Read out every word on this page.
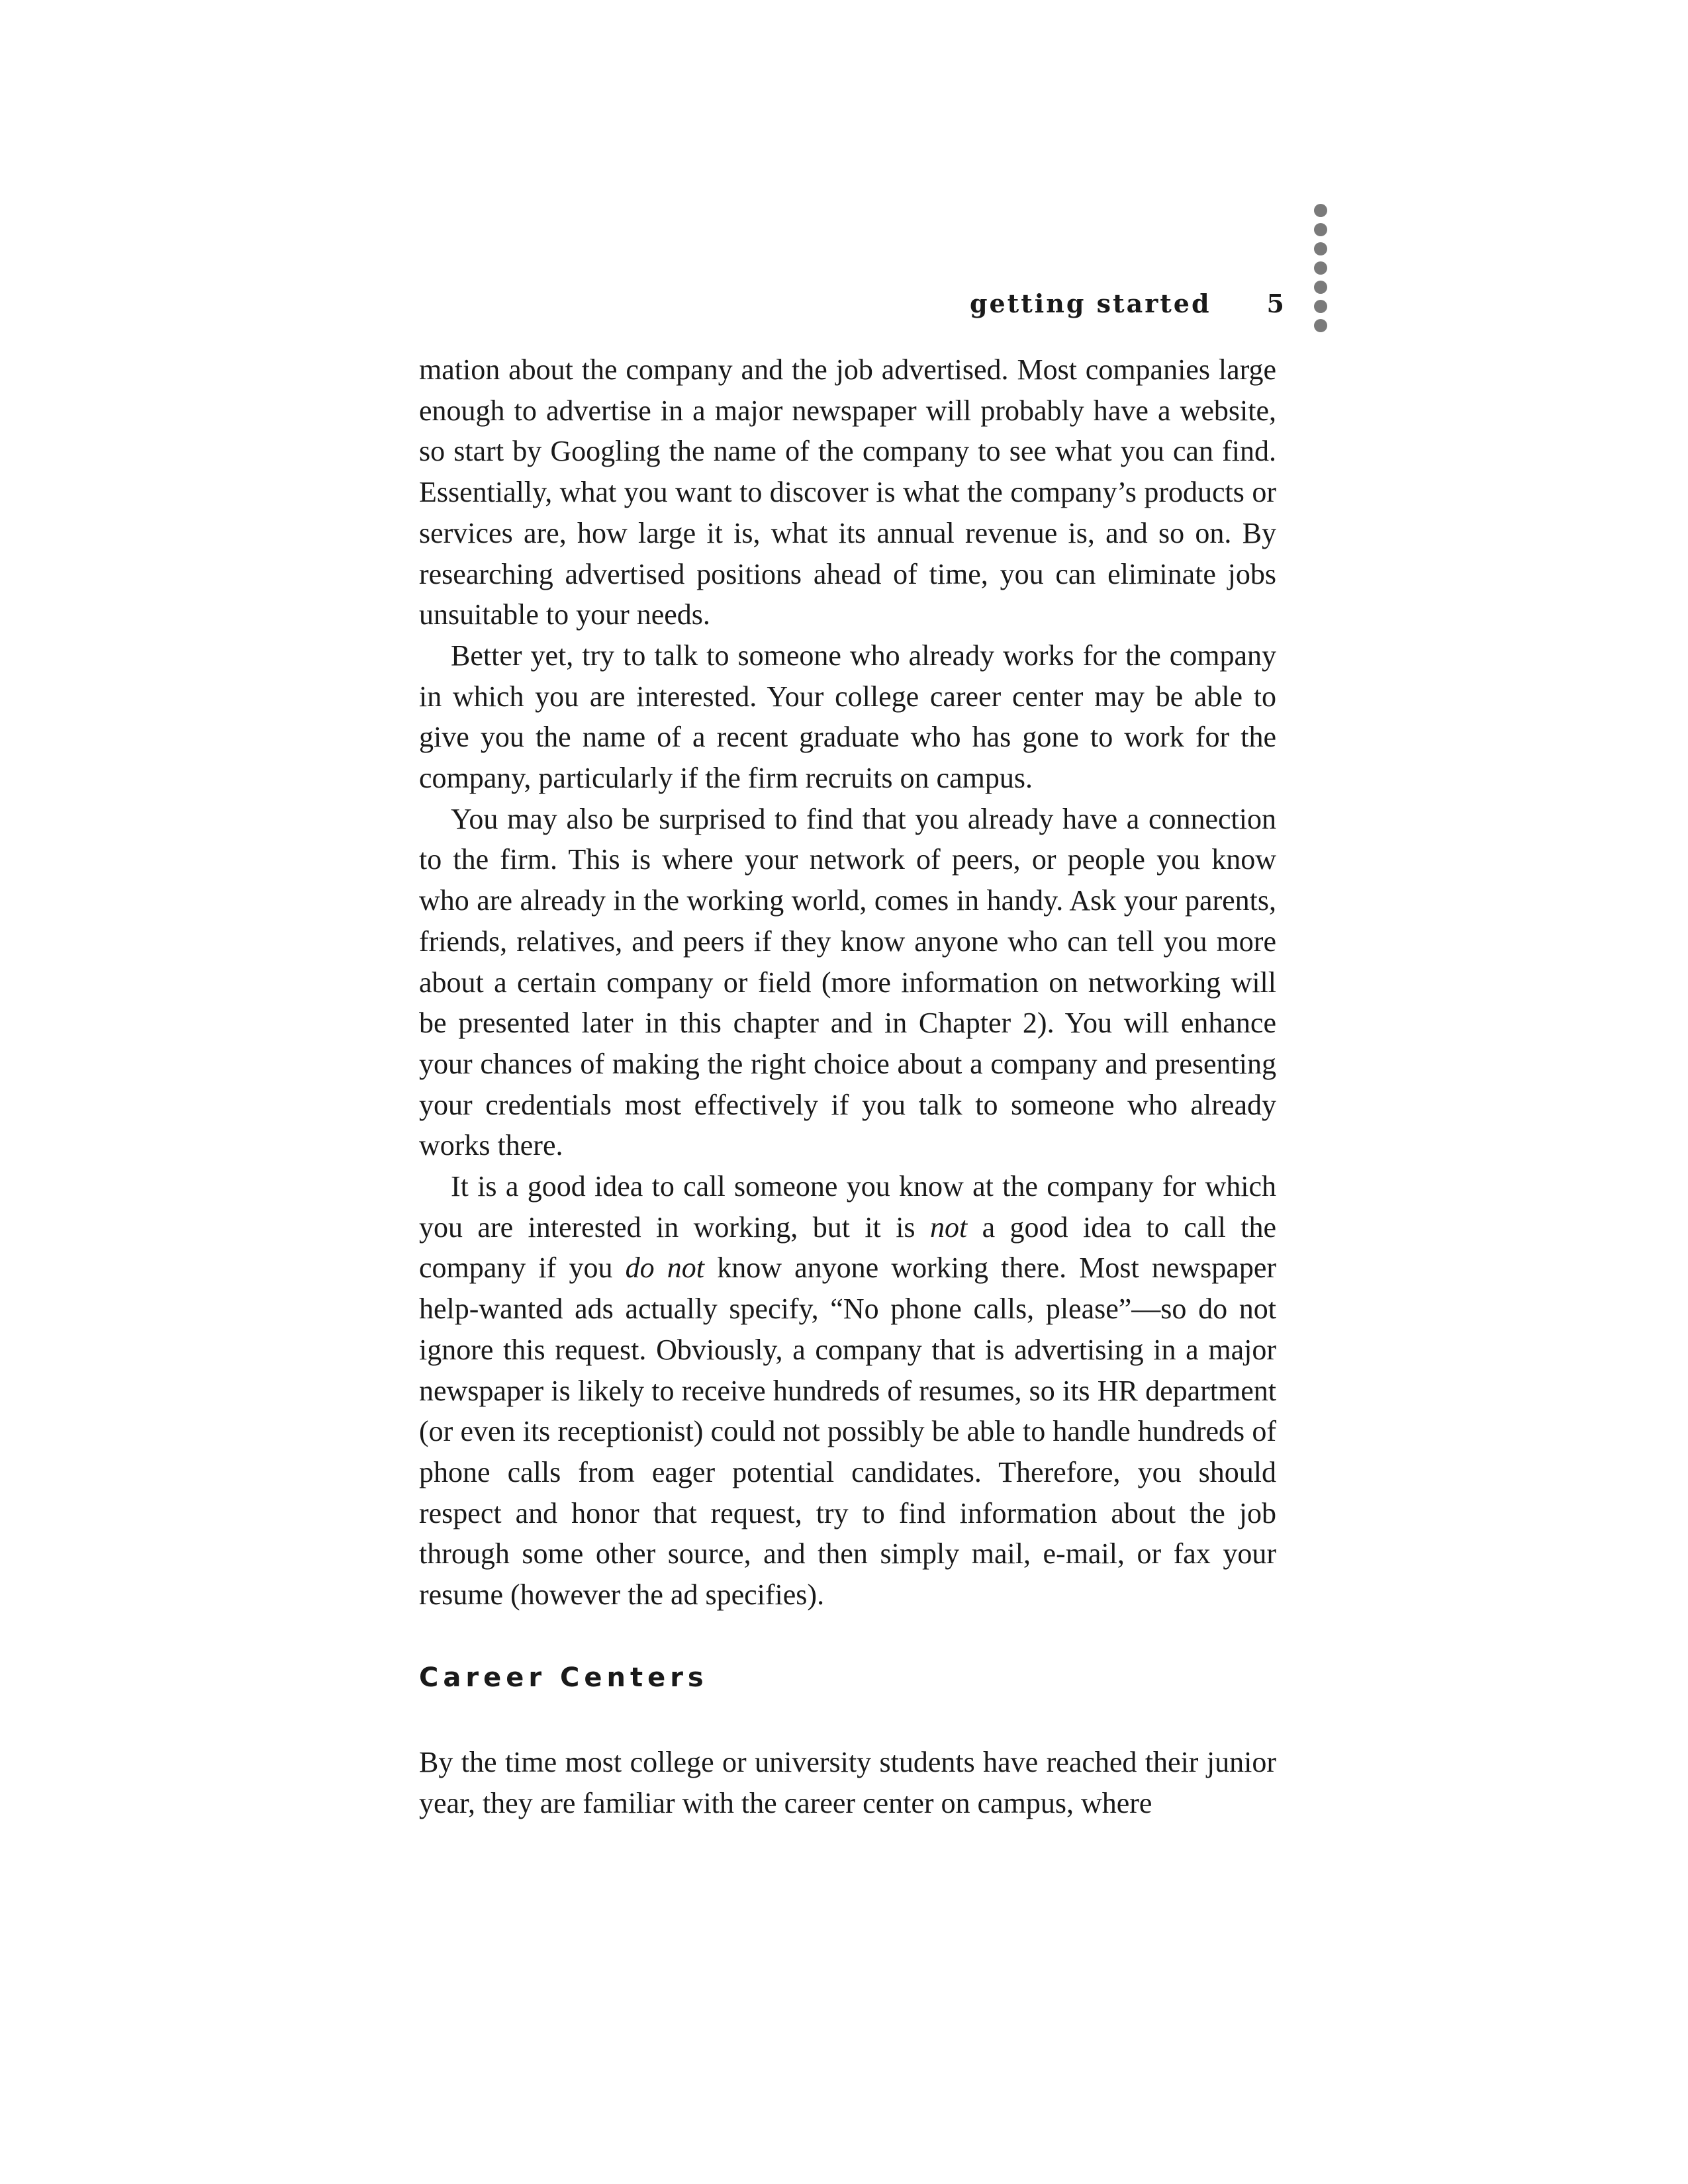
getting started 5

mation about the company and the job advertised. Most companies large enough to advertise in a major newspaper will probably have a website, so start by Googling the name of the company to see what you can find. Essentially, what you want to discover is what the company’s products or services are, how large it is, what its annual revenue is, and so on. By researching advertised positions ahead of time, you can eliminate jobs unsuitable to your needs.

Better yet, try to talk to someone who already works for the company in which you are interested. Your college career center may be able to give you the name of a recent graduate who has gone to work for the company, particularly if the firm recruits on campus.

You may also be surprised to find that you already have a connection to the firm. This is where your network of peers, or people you know who are already in the working world, comes in handy. Ask your parents, friends, relatives, and peers if they know anyone who can tell you more about a certain company or field (more information on networking will be presented later in this chapter and in Chapter 2). You will enhance your chances of making the right choice about a company and presenting your credentials most effectively if you talk to someone who already works there.

It is a good idea to call someone you know at the company for which you are interested in working, but it is not a good idea to call the company if you do not know anyone working there. Most newspaper help-wanted ads actually specify, “No phone calls, please”—so do not ignore this request. Obviously, a company that is advertising in a major newspaper is likely to receive hundreds of resumes, so its HR department (or even its receptionist) could not possibly be able to handle hundreds of phone calls from eager potential candidates. Therefore, you should respect and honor that request, try to find information about the job through some other source, and then simply mail, e-mail, or fax your resume (however the ad specifies).

Career Centers

By the time most college or university students have reached their junior year, they are familiar with the career center on campus, where
